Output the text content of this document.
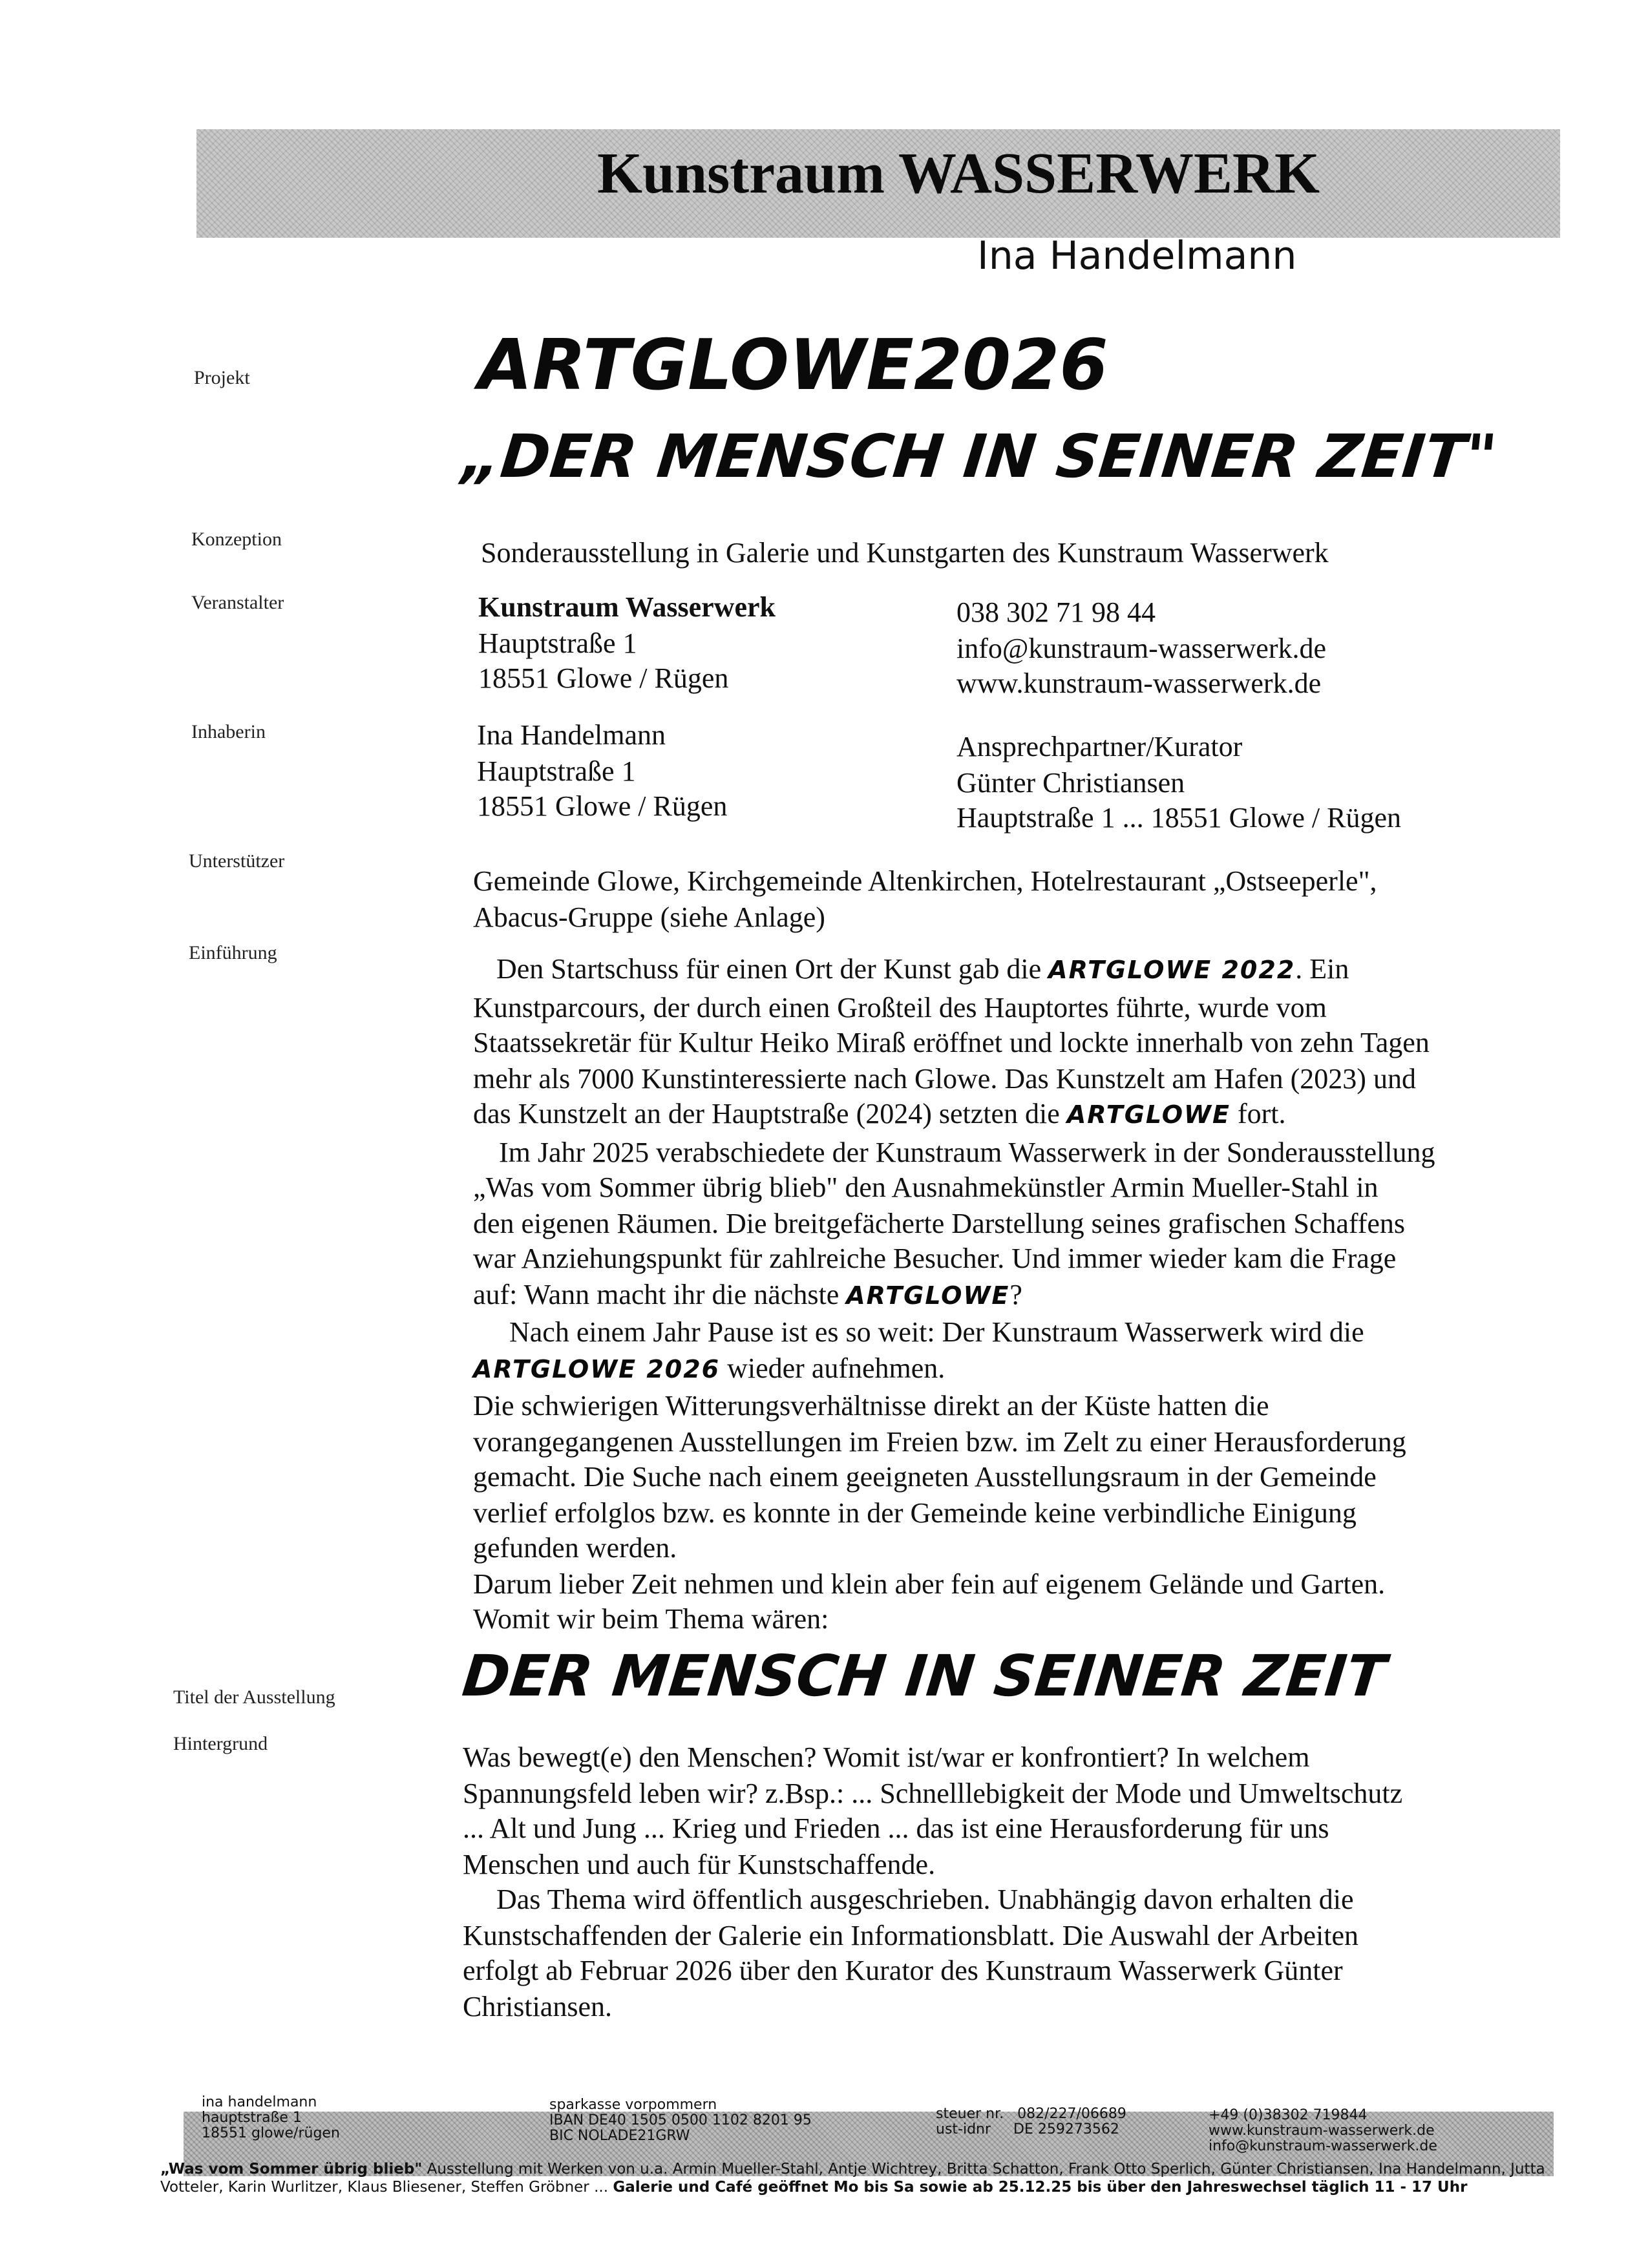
Kunstraum WASSERWERK
Ina Handelmann
Projekt
Konzeption
Veranstalter
Inhaberin
Unterstützer
Einführung
Titel der Ausstellung
Hintergrund
ARTGLOWE2026
„DER MENSCH IN SEINER ZEIT"
Sonderausstellung in Galerie und Kunstgarten des Kunstraum Wasserwerk
Kunstraum Wasserwerk
Hauptstraße 1
18551 Glowe / Rügen
038 302 71 98 44
info@kunstraum-wasserwerk.de
www.kunstraum-wasserwerk.de
Ina Handelmann
Hauptstraße 1
18551 Glowe / Rügen
Ansprechpartner/Kurator
Günter Christiansen
Hauptstraße 1 ... 18551 Glowe / Rügen
Gemeinde Glowe, Kirchgemeinde Altenkirchen, Hotelrestaurant „Ostseeperle",
Abacus-Gruppe (siehe Anlage)
Den Startschuss für einen Ort der Kunst gab die ARTGLOWE 2022. Ein
Kunstparcours, der durch einen Großteil des Hauptortes führte, wurde vom
Staatssekretär für Kultur Heiko Miraß eröffnet und lockte innerhalb von zehn Tagen
mehr als 7000 Kunstinteressierte nach Glowe. Das Kunstzelt am Hafen (2023) und
das Kunstzelt an der Hauptstraße (2024) setzten die ARTGLOWE fort.
Im Jahr 2025 verabschiedete der Kunstraum Wasserwerk in der Sonderausstellung
„Was vom Sommer übrig blieb" den Ausnahmekünstler Armin Mueller-Stahl in
den eigenen Räumen. Die breitgefächerte Darstellung seines grafischen Schaffens
war Anziehungspunkt für zahlreiche Besucher. Und immer wieder kam die Frage
auf: Wann macht ihr die nächste ARTGLOWE?
Nach einem Jahr Pause ist es so weit: Der Kunstraum Wasserwerk wird die
ARTGLOWE 2026 wieder aufnehmen.
Die schwierigen Witterungsverhältnisse direkt an der Küste hatten die
vorangegangenen Ausstellungen im Freien bzw. im Zelt zu einer Herausforderung
gemacht. Die Suche nach einem geeigneten Ausstellungsraum in der Gemeinde
verlief erfolglos bzw. es konnte in der Gemeinde keine verbindliche Einigung
gefunden werden.
Darum lieber Zeit nehmen und klein aber fein auf eigenem Gelände und Garten.
Womit wir beim Thema wären:
DER MENSCH IN SEINER ZEIT
Was bewegt(e) den Menschen? Womit ist/war er konfrontiert? In welchem
Spannungsfeld leben wir? z.Bsp.: ... Schnelllebigkeit der Mode und Umweltschutz
... Alt und Jung ... Krieg und Frieden ... das ist eine Herausforderung für uns
Menschen und auch für Kunstschaffende.
Das Thema wird öffentlich ausgeschrieben. Unabhängig davon erhalten die
Kunstschaffenden der Galerie ein Informationsblatt. Die Auswahl der Arbeiten
erfolgt ab Februar 2026 über den Kurator des Kunstraum Wasserwerk Günter
Christiansen.
ina handelmann
hauptstraße 1
18551 glowe/rügen
sparkasse vorpommern
IBAN DE40 1505 0500 1102 8201 95
BIC NOLADE21GRW
steuer nr. 082/227/06689
ust-idnr	DE 259273562
+49 (0)38302 719844
www.kunstraum-wasserwerk.de
info@kunstraum-wasserwerk.de
„Was vom Sommer übrig blieb" Ausstellung mit Werken von u.a. Armin Mueller-Stahl, Antje Wichtrey, Britta Schatton, Frank Otto Sperlich, Günter Christiansen, Ina Handelmann, Jutta Votteler, Karin Wurlitzer, Klaus Bliesener, Steffen Gröbner ... Galerie und Café geöffnet Mo bis Sa sowie ab 25.12.25 bis über den Jahreswechsel täglich 11 - 17 Uhr
